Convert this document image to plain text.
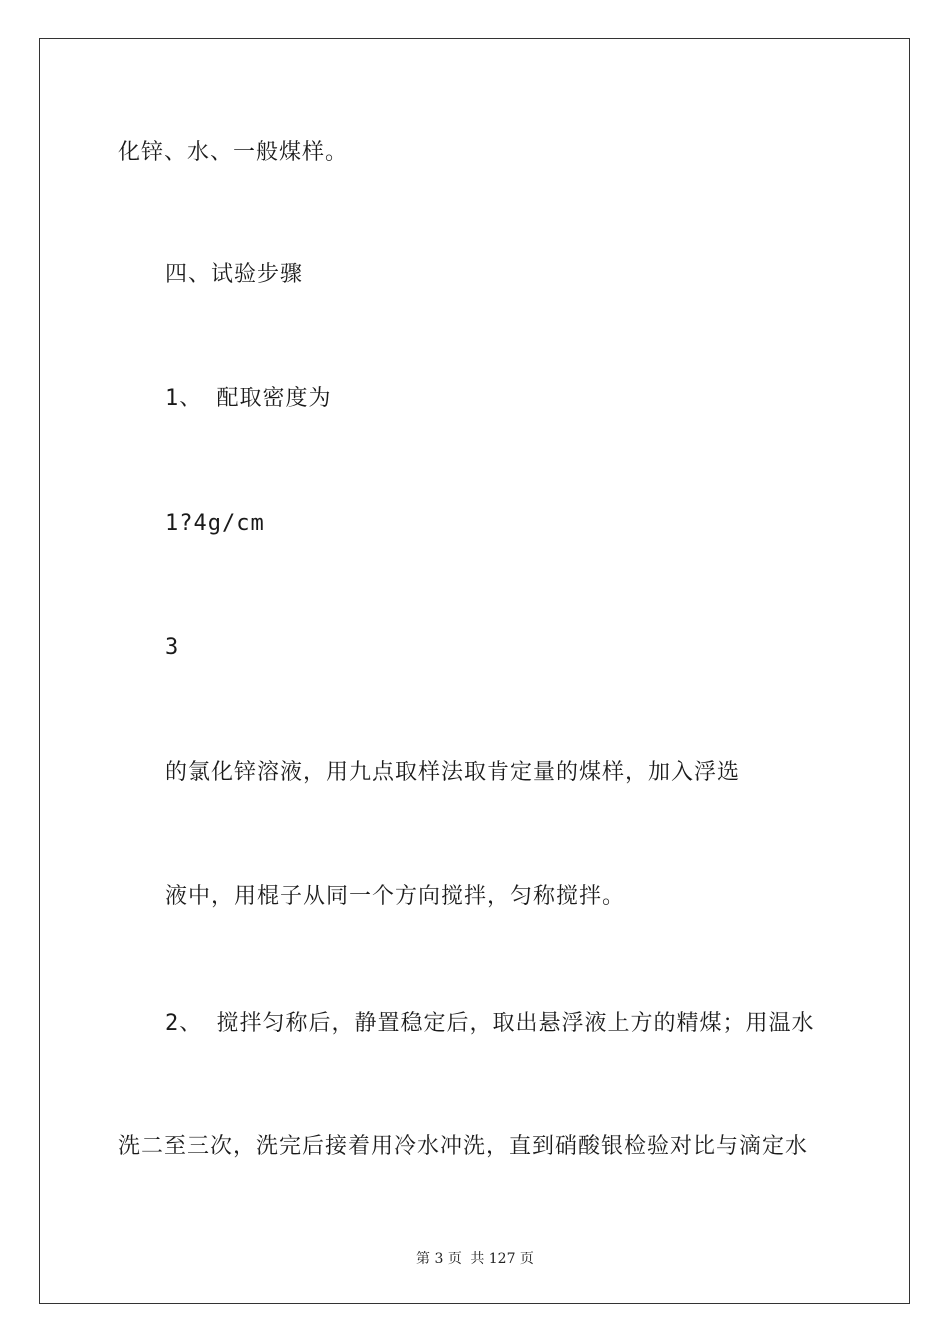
化锌、水、一般煤样。
四、试验步骤
1、 配取密度为
1?4g/cm
3
的氯化锌溶液，用九点取样法取肯定量的煤样，加入浮选
液中，用棍子从同一个方向搅拌，匀称搅拌。
2、 搅拌匀称后，静置稳定后，取出悬浮液上方的精煤；用温水
洗二至三次，洗完后接着用冷水冲洗，直到硝酸银检验对比与滴定水
第 3 页 共 127 页
